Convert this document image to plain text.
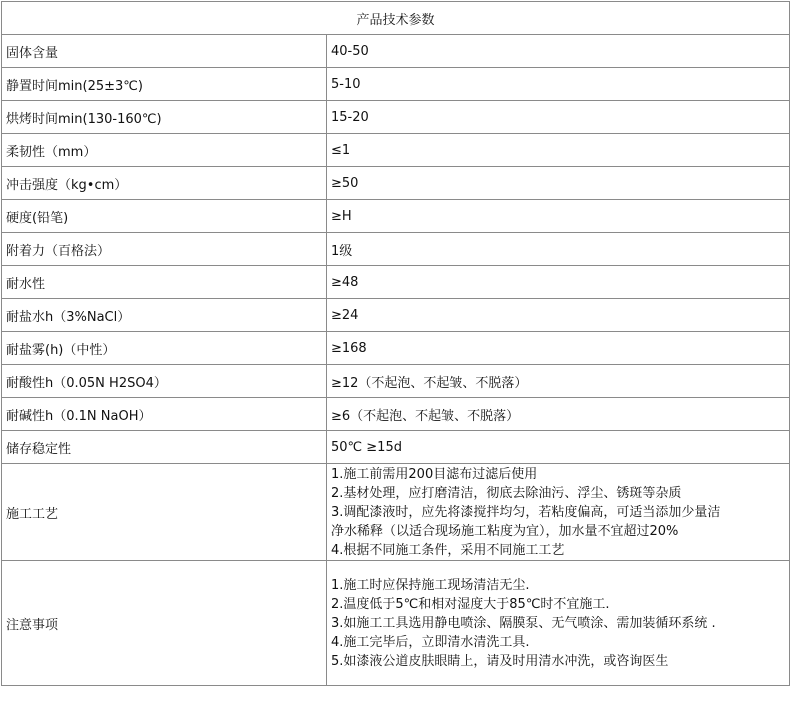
产品技术参数	
固体含量	40-50
静置时间min(25±3℃)	5-10
烘烤时间min(130-160℃)	15-20
柔韧性（mm）	≤1
冲击强度（kg•cm）	≥50
硬度(铅笔)	≥H
附着力（百格法）	1级
耐水性	≥48
耐盐水h（3%NaCl）	≥24
耐盐雾(h)（中性）	≥168
耐酸性h（0.05N H2SO4）	≥12（不起泡、不起皱、不脱落）
耐碱性h（0.1N NaOH）	≥6（不起泡、不起皱、不脱落）
储存稳定性	50℃ ≥15d
施工工艺	1.施工前需用200目滤布过滤后使用
2.基材处理，应打磨清洁，彻底去除油污、浮尘、锈斑等杂质
3.调配漆液时，应先将漆搅拌均匀，若粘度偏高，可适当添加少量洁
净水稀释（以适合现场施工粘度为宜），加水量不宜超过20%
4.根据不同施工条件，采用不同施工工艺

注意事项	1.施工时应保持施工现场清洁无尘.
2.温度低于5℃和相对湿度大于85℃时不宜施工.
3.如施工工具选用静电喷涂、隔膜泵、无气喷涂、需加装循环系统 .
4.施工完毕后，立即清水清洗工具.
5.如漆液公道皮肤眼睛上，请及时用清水冲洗，或咨询医生
